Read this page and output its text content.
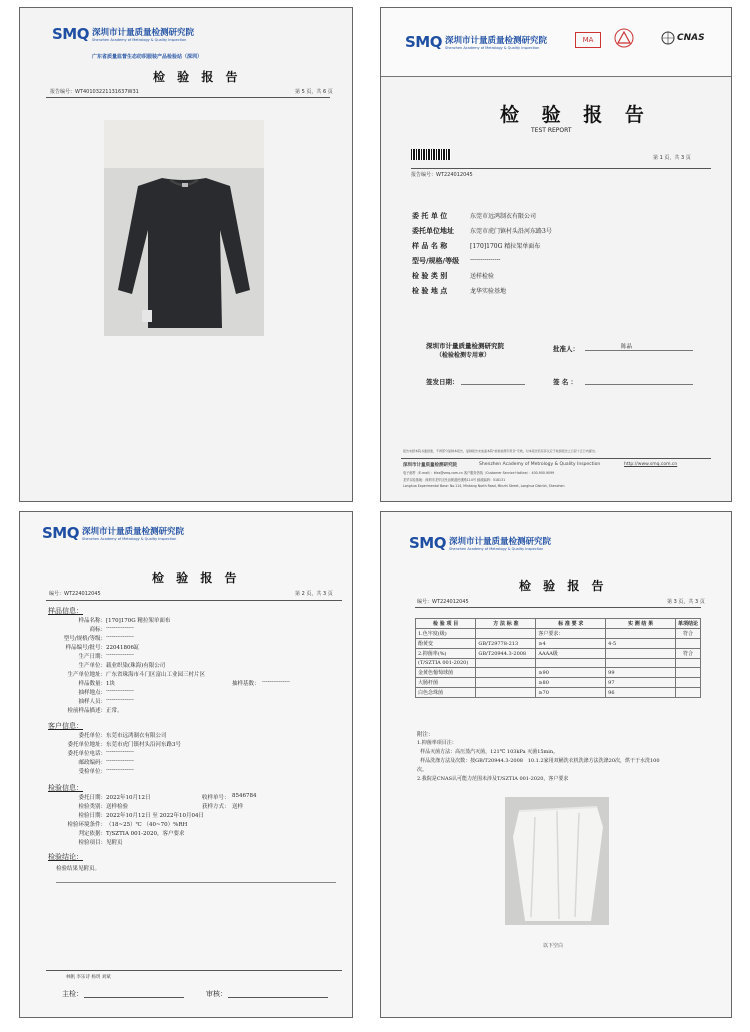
SMQ 深圳市计量质量检测研究院
Shenzhen Academy of Metrology & Quality Inspection
广东省质量监督生态纺织服装产品检验站（深圳）
检 验 报 告
报告编号：WT40103221131637W31	第 5 页，共 6 页
SMQ 深圳市计量质量检测研究院
Shenzhen Academy of Metrology & Quality Inspection
MA	CNAS
检 验 报 告
TEST REPORT
第 1 页，共 3 页
报告编号：WT224012045
委 托 单 位	东莞市远鸿制衣有限公司
委托单位地址	东莞市虎门镇村头沿河东路3号
样 品 名 称	[170]170G 精拉架单面布
型号/规格/等级	---------------
检 验 类 别	送样检验
检 验 地 点	龙华实验基地
深圳市计量质量检测研究院
（检验检测专用章）
批准人：	陈晶
签发日期：	签 名 ：
报告未经本院书面批准，不得部分复制本报告，复制报告未加盖本院"检验检测专用章"无效，对本报告若有异议应于收到报告之日起十五日内提出。
深圳市计量质量检测研究院	Shenzhen Academy of Metrology & Quality Inspection	http://www.smq.com.cn
电子邮件（E-mail）：kfzx@smq.com.cn 客户服务热线（Customer Service Hotline）：400-900-9099
龙华实验基地：深圳市龙华区民治街道民康路114号 邮政编码：518131
Longhua Experimental Base: No.114, Minkang North Road, Minzhi Street, Longhua District, Shenzhen
SMQ 深圳市计量质量检测研究院
Shenzhen Academy of Metrology & Quality Inspection
检 验 报 告
编号：WT224012045	第 2 页，共 3 页
样品信息：
样品名称： [170]170G 精拉架单面布
商标： ---------------
型号/规格/等级： ---------------
样品编号/批号： 22041806缸
生产日期： ---------------
生产单位： 载业织染(珠海)有限公司
生产单位地址： 广东省珠海市斗门区富山工业园三村片区
样品数量： 1块	抽样基数： ---------------
抽样地点： ---------------
抽样人员： ---------------
检前样品描述： 正常。
客户信息：
委托单位： 东莞市远鸿制衣有限公司
委托单位地址： 东莞市虎门镇村头沿河东路3号
委托单位电话： ---------------
邮政编码： ---------------
受检单位： ---------------
检验信息：
委托日期： 2022年10月12日	收样单号： 8546784
检验类别： 送样检验	获样方式： 送样
检验日期： 2022年10月12日 至 2022年10月04日
检验环境条件： （18~25）℃ （40~70）%RH
判定依据： T/SZTIA 001-2020，客户要求
检验项目： 见附页
检验结论：
检验结果见附页。
林帆 李乐诗 杨玥 刘斌
主检：	审核：
SMQ 深圳市计量质量检测研究院
Shenzhen Academy of Metrology & Quality Inspection
检 验 报 告
编号：WT224012045	第 3 页，共 3 页
检 验 项 目	方 法 标 准	标 准 要 求	实 测 结 果	单项结论
1.色牢度(级)		客户要求：		符合
酚黄变	GB/T29778-213	≥4	4-5	
2.抑菌率(%)	GB/T20944.3-2008	AAAA级		符合
(T/SZTIA 001-2020)				
金黄色葡萄球菌		≥90	99	
大肠杆菌		≥80	97	
白色念珠菌		≥70	96	
附注：
1.抑菌率项目注：
样品灭菌方法：高压蒸汽灭菌，121℃ 103kPa 灭菌15min。
样品洗涤方法及次数：按GB/T20944.3-2008   10.1.2家用双桶洗衣机洗涤方法洗涤20次，烘干于水洗100
次。
2.我院是CNAS认可能力范围未涉及T/SZTIA 001-2020，客户要求
以下空白
